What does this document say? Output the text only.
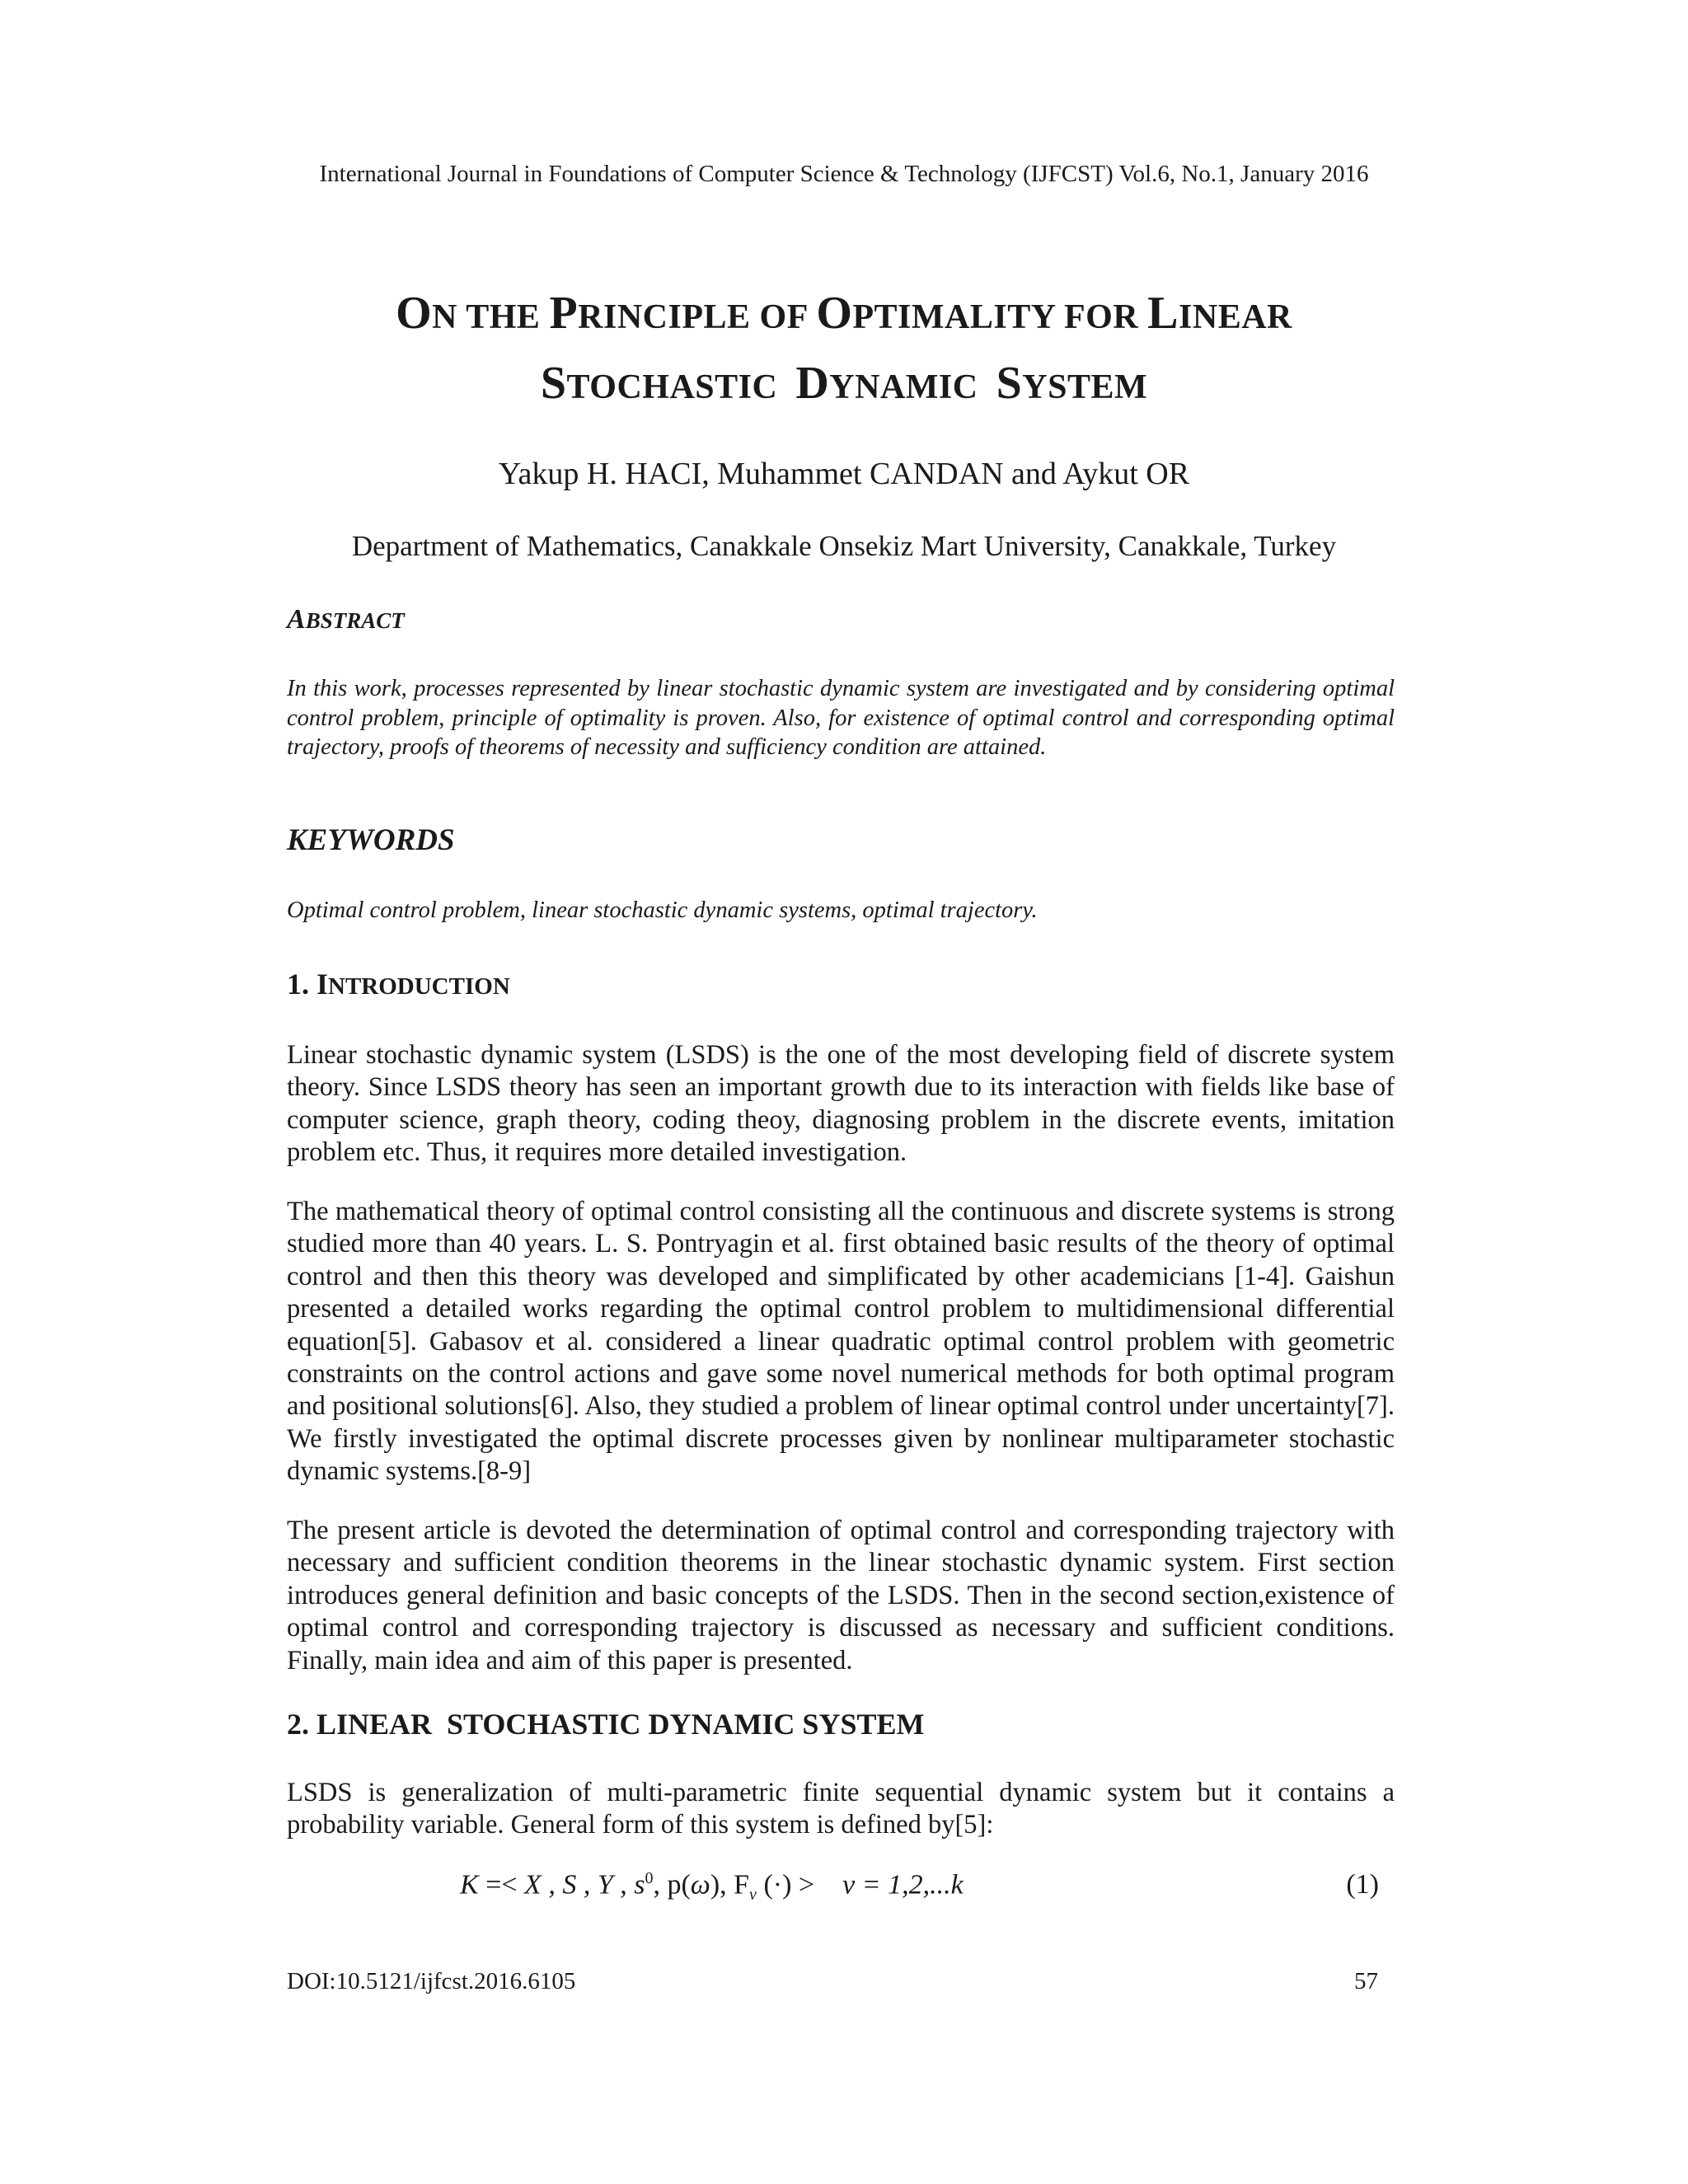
International Journal in Foundations of Computer Science & Technology (IJFCST) Vol.6, No.1, January 2016
ON THE PRINCIPLE OF OPTIMALITY FOR LINEAR
STOCHASTIC  DYNAMIC  SYSTEM
Yakup H. HACI, Muhammet CANDAN and Aykut OR
Department of Mathematics, Canakkale Onsekiz Mart University, Canakkale, Turkey
ABSTRACT
In this work, processes represented by linear stochastic dynamic system are investigated and by considering optimal control problem, principle of optimality is proven. Also, for existence of optimal control and corresponding optimal trajectory, proofs of theorems of necessity and sufficiency condition are attained.
KEYWORDS
Optimal control problem, linear stochastic dynamic systems, optimal trajectory.
1. INTRODUCTION
Linear stochastic dynamic system (LSDS) is the one of the most developing field of discrete system theory. Since LSDS theory has seen an important growth due to its interaction with fields like base of computer science, graph theory, coding theoy, diagnosing problem in the discrete events, imitation problem etc. Thus, it requires more detailed investigation.
The mathematical theory of optimal control consisting all the continuous and discrete systems is strong studied more than 40 years. L. S. Pontryagin et al. first obtained basic results of the theory of optimal control and then this theory was developed and simplificated by other academicians [1-4]. Gaishun presented a detailed works regarding the optimal control problem to multidimensional differential equation[5]. Gabasov et al. considered a linear quadratic optimal control problem with geometric constraints on the control actions and gave some novel numerical methods for both optimal program and positional solutions[6]. Also, they studied a problem of linear optimal control under uncertainty[7]. We firstly investigated the optimal discrete processes given by nonlinear multiparameter stochastic dynamic systems.[8-9]
The present article is devoted the determination of optimal control and corresponding trajectory with necessary and sufficient condition theorems in the linear stochastic dynamic system. First section introduces general definition and basic concepts of the LSDS. Then in the second section,existence of optimal control and corresponding trajectory is discussed as necessary and sufficient conditions. Finally, main idea and aim of this paper is presented.
2. LINEAR  STOCHASTIC DYNAMIC SYSTEM
LSDS is generalization of multi-parametric finite sequential dynamic system but it contains a probability variable. General form of this system is defined by[5]:
K =< X , S , Y , $s^0$, p(ω), $F_v$ (·) > v = 1,2,...k	(1)
DOI:10.5121/ijfcst.2016.6105	57
